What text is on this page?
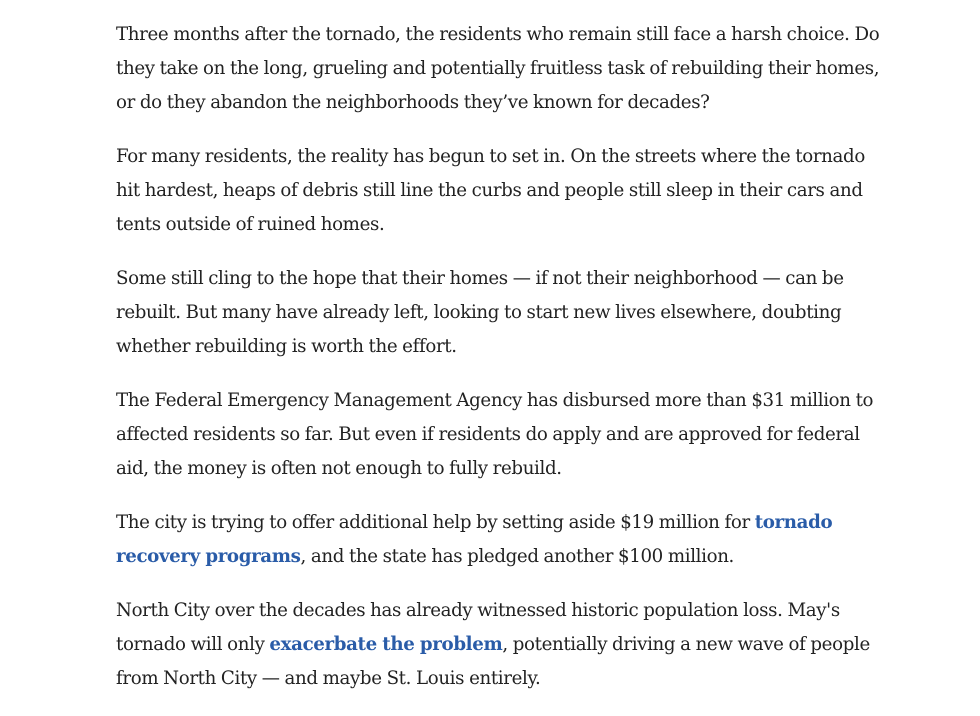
Three months after the tornado, the residents who remain still face a harsh choice. Do they take on the long, grueling and potentially fruitless task of rebuilding their homes, or do they abandon the neighborhoods they’ve known for decades?

For many residents, the reality has begun to set in. On the streets where the tornado hit hardest, heaps of debris still line the curbs and people still sleep in their cars and tents outside of ruined homes.

Some still cling to the hope that their homes — if not their neighborhood — can be rebuilt. But many have already left, looking to start new lives elsewhere, doubting whether rebuilding is worth the effort.

The Federal Emergency Management Agency has disbursed more than $31 million to affected residents so far. But even if residents do apply and are approved for federal aid, the money is often not enough to fully rebuild.

The city is trying to offer additional help by setting aside $19 million for tornado recovery programs, and the state has pledged another $100 million.

North City over the decades has already witnessed historic population loss. May's tornado will only exacerbate the problem, potentially driving a new wave of people from North City — and maybe St. Louis entirely.
